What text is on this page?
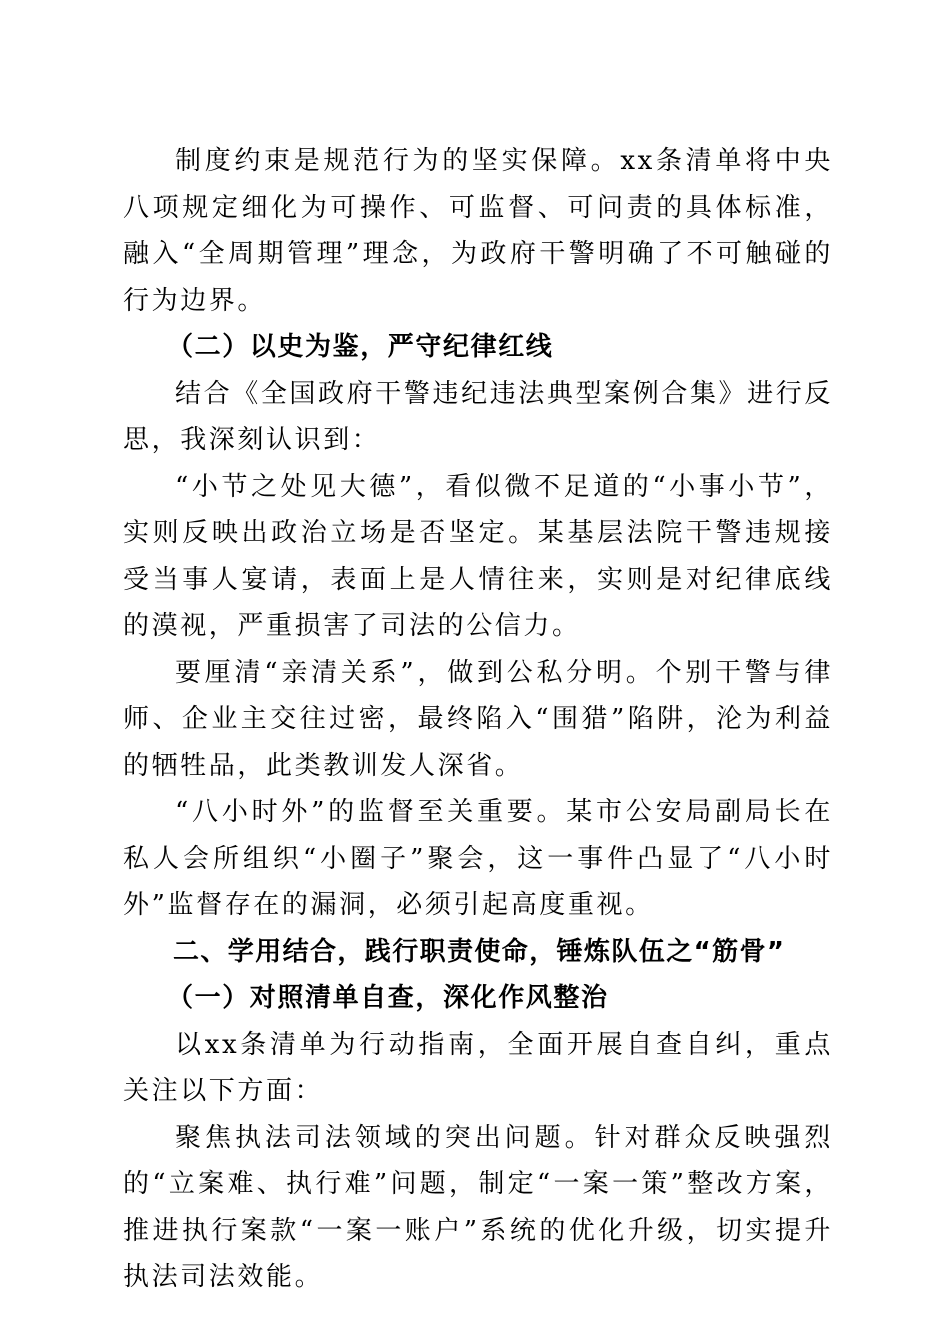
制度约束是规范行为的坚实保障。xx条清单将中央八项规定细化为可操作、可监督、可问责的具体标准，融入“全周期管理”理念，为政府干警明确了不可触碰的行为边界。

（二）以史为鉴，严守纪律红线

结合《全国政府干警违纪违法典型案例合集》进行反思，我深刻认识到：

“小节之处见大德”，看似微不足道的“小事小节”，实则反映出政治立场是否坚定。某基层法院干警违规接受当事人宴请，表面上是人情往来，实则是对纪律底线的漠视，严重损害了司法的公信力。

要厘清“亲清关系”，做到公私分明。个别干警与律师、企业主交往过密，最终陷入“围猎”陷阱，沦为利益的牺牲品，此类教训发人深省。

“八小时外”的监督至关重要。某市公安局副局长在私人会所组织“小圈子”聚会，这一事件凸显了“八小时外”监督存在的漏洞，必须引起高度重视。

二、学用结合，践行职责使命，锤炼队伍之“筋骨”

（一）对照清单自查，深化作风整治

以xx条清单为行动指南，全面开展自查自纠，重点关注以下方面：

聚焦执法司法领域的突出问题。针对群众反映强烈的“立案难、执行难”问题，制定“一案一策”整改方案，推进执行案款“一案一账户”系统的优化升级，切实提升执法司法效能。
